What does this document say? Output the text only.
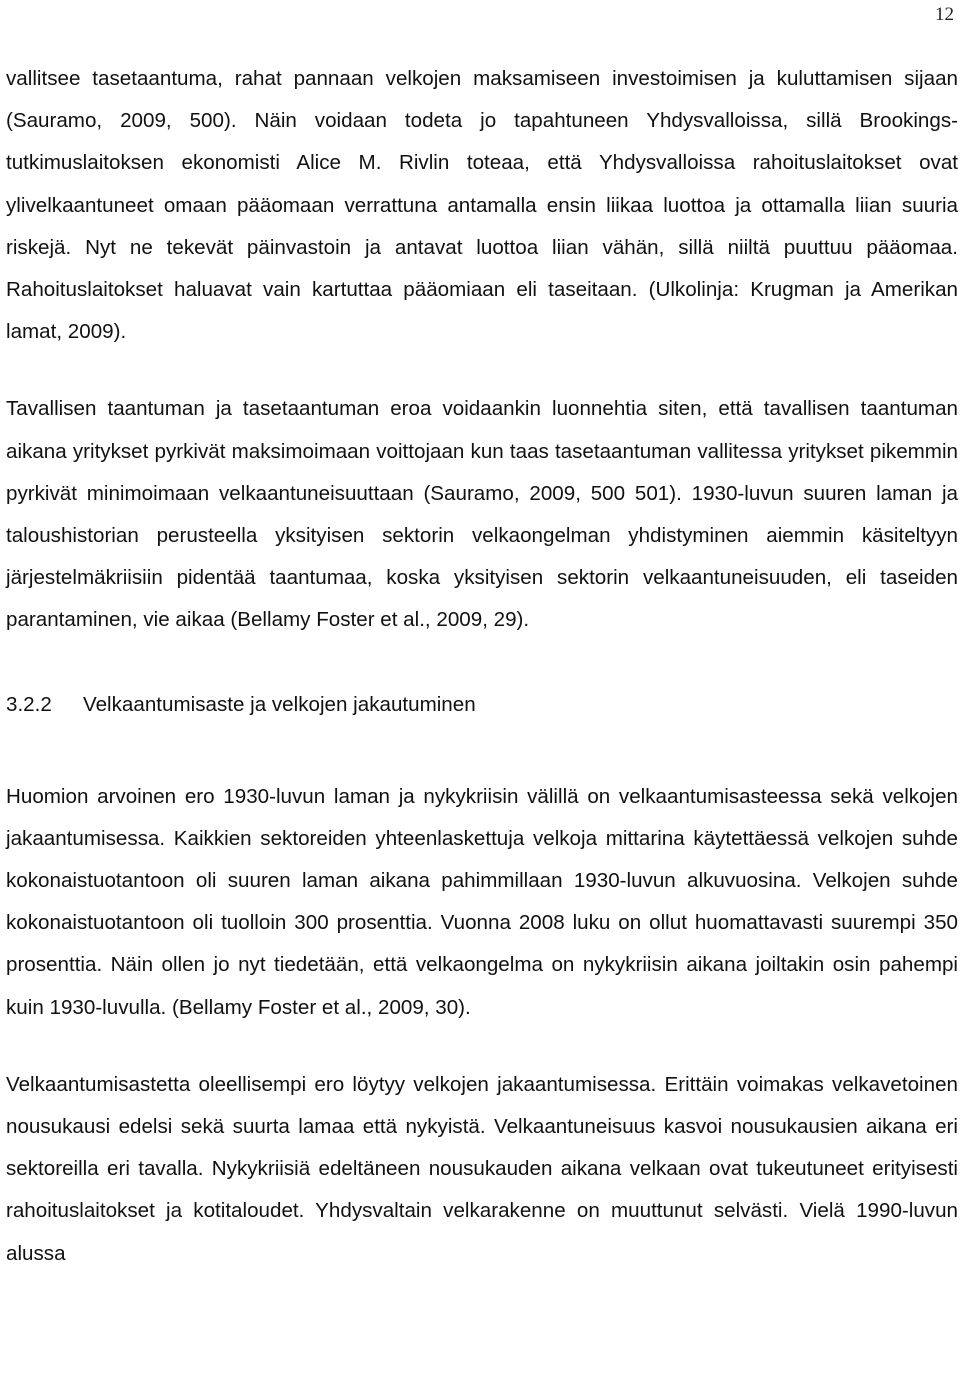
12

vallitsee tasetaantuma, rahat pannaan velkojen maksamiseen investoimisen ja kuluttamisen sijaan (Sauramo, 2009, 500). Näin voidaan todeta jo tapahtuneen Yhdysvalloissa, sillä Brookings- tutkimuslaitoksen ekonomisti Alice M. Rivlin toteaa, että Yhdysvalloissa rahoituslaitokset ovat ylivelkaantuneet omaan pääomaan verrattuna antamalla ensin liikaa luottoa ja ottamalla liian suuria riskejä. Nyt ne tekevät päinvastoin ja antavat luottoa liian vähän, sillä niiltä puuttuu pääomaa. Rahoituslaitokset haluavat vain kartuttaa pääomiaan eli taseitaan. (Ulkolinja: Krugman ja Amerikan lamat, 2009).

Tavallisen taantuman ja tasetaantuman eroa voidaankin luonnehtia siten, että tavallisen taantuman aikana yritykset pyrkivät maksimoimaan voittojaan kun taas tasetaantuman vallitessa yritykset pikemmin pyrkivät minimoimaan velkaantuneisuuttaan (Sauramo, 2009, 500 501). 1930-luvun suuren laman ja taloushistorian perusteella yksityisen sektorin velkaongelman yhdistyminen aiemmin käsiteltyyn järjestelmäkriisiin pidentää taantumaa, koska yksityisen sektorin velkaantuneisuuden, eli taseiden parantaminen, vie aikaa (Bellamy Foster et al., 2009, 29).

3.2.2 Velkaantumisaste ja velkojen jakautuminen

Huomion arvoinen ero 1930-luvun laman ja nykykriisin välillä on velkaantumisasteessa sekä velkojen jakaantumisessa. Kaikkien sektoreiden yhteenlaskettuja velkoja mittarina käytettäessä velkojen suhde kokonaistuotantoon oli suuren laman aikana pahimmillaan 1930-luvun alkuvuosina. Velkojen suhde kokonaistuotantoon oli tuolloin 300 prosenttia. Vuonna 2008 luku on ollut huomattavasti suurempi 350 prosenttia. Näin ollen jo nyt tiedetään, että velkaongelma on nykykriisin aikana joiltakin osin pahempi kuin 1930-luvulla. (Bellamy Foster et al., 2009, 30).

Velkaantumisastetta oleellisempi ero löytyy velkojen jakaantumisessa. Erittäin voimakas velkavetoinen nousukausi edelsi sekä suurta lamaa että nykyistä. Velkaantuneisuus kasvoi nousukausien aikana eri sektoreilla eri tavalla. Nykykriisiä edeltäneen nousukauden aikana velkaan ovat tukeutuneet erityisesti rahoituslaitokset ja kotitaloudet. Yhdysvaltain velkarakenne on muuttunut selvästi. Vielä 1990-luvun alussa
